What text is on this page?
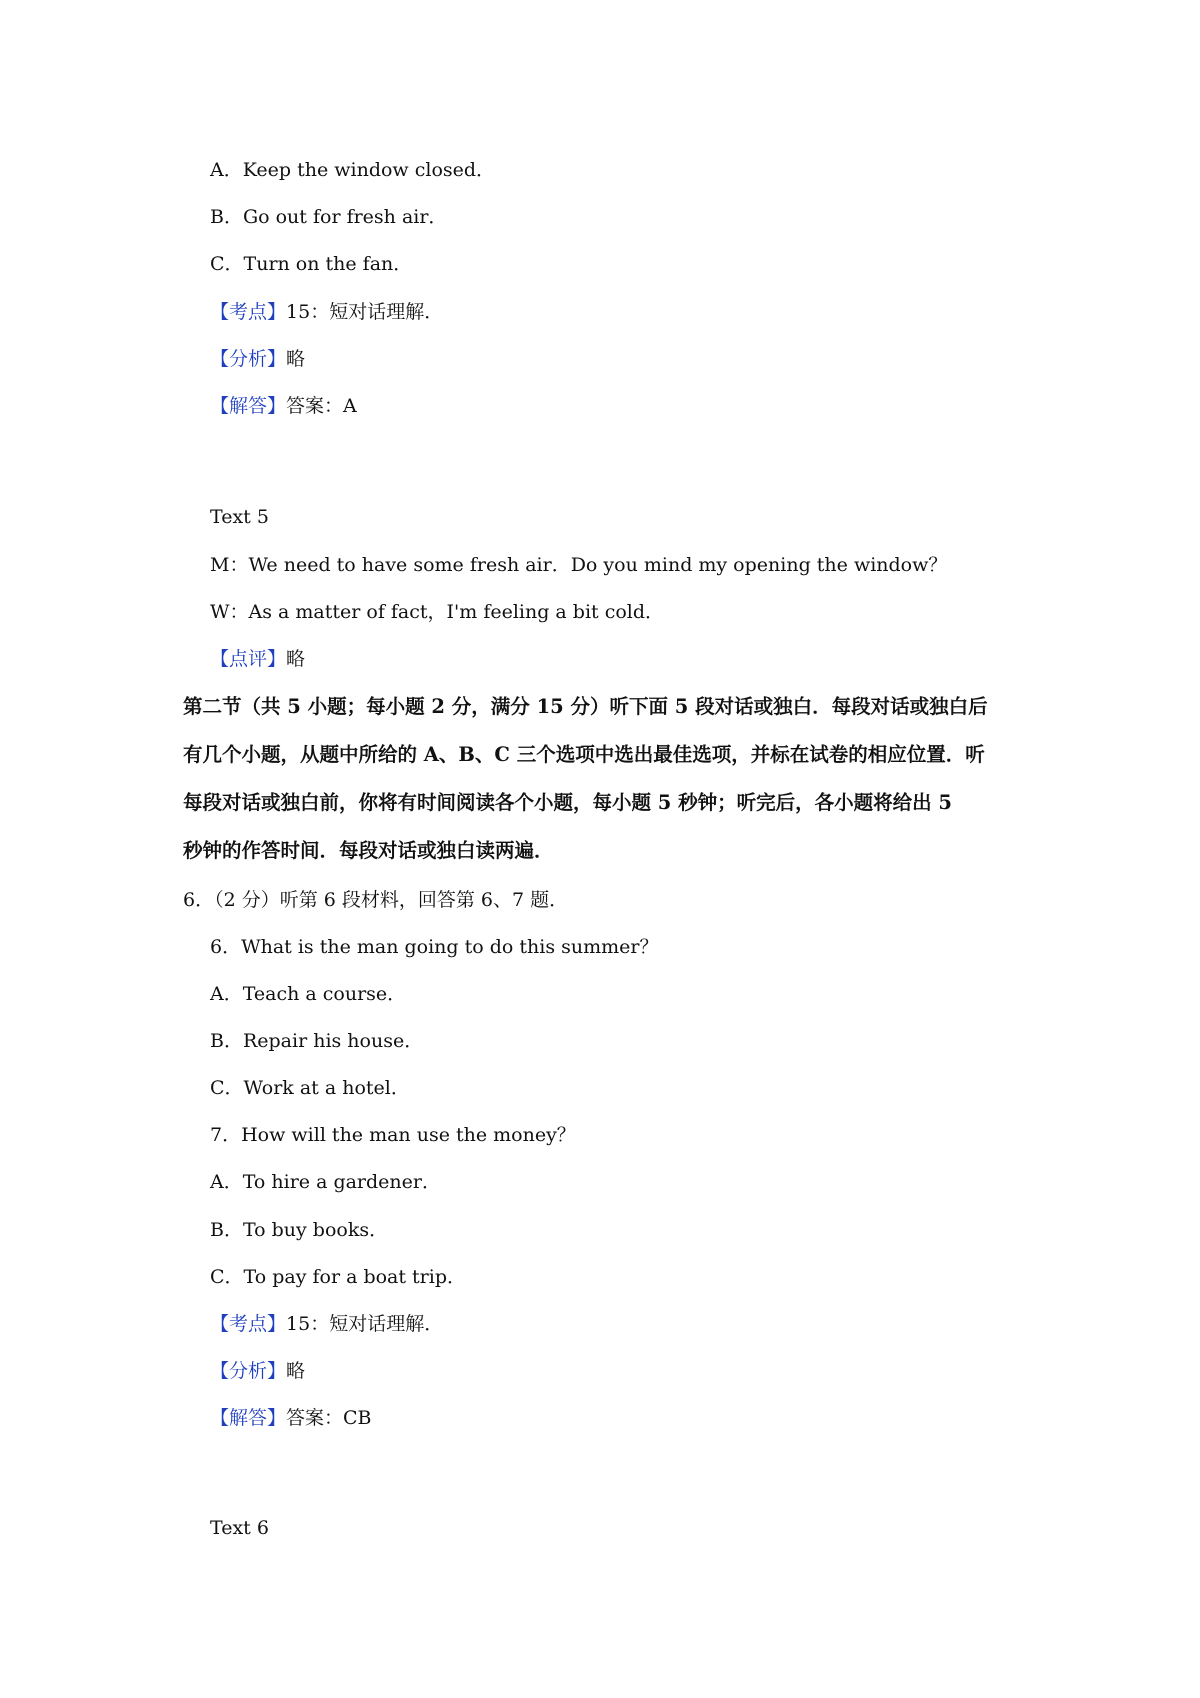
A．Keep the window closed．
B．Go out for fresh air．
C．Turn on the fan．
【考点】15：短对话理解．
【分析】略
【解答】答案：A
Text 5
M：We need to have some fresh air．Do you mind my opening the window？
W：As a matter of fact，I'm feeling a bit cold．
【点评】略
第二节（共 5 小题；每小题 2 分，满分 15 分）听下面 5 段对话或独白．每段对话或独白后
有几个小题，从题中所给的 A、B、C 三个选项中选出最佳选项，并标在试卷的相应位置．听
每段对话或独白前，你将有时间阅读各个小题，每小题 5 秒钟；听完后，各小题将给出 5
秒钟的作答时间．每段对话或独白读两遍．
6．（2 分）听第 6 段材料，回答第 6、7 题．
6．What is the man going to do this summer？
A．Teach a course．
B．Repair his house．
C．Work at a hotel．
7．How will the man use the money？
A．To hire a gardener．
B．To buy books．
C．To pay for a boat trip．
【考点】15：短对话理解．
【分析】略
【解答】答案：CB
Text 6
